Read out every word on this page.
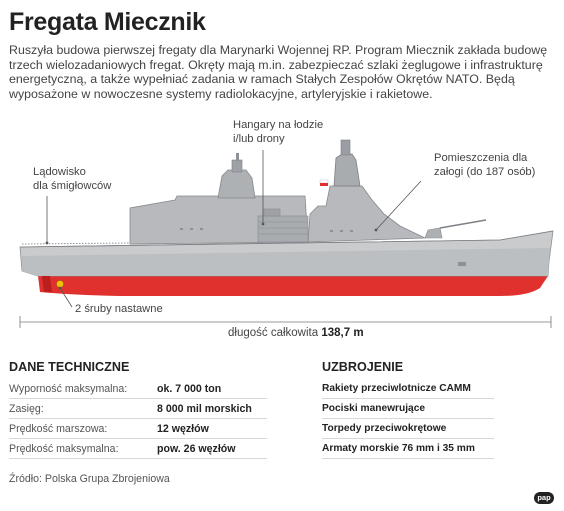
Fregata Miecznik
Ruszyła budowa pierwszej fregaty dla Marynarki Wojennej RP. Program Miecznik zakłada budowę trzech wielozadaniowych fregat. Okręty mają m.in. zabezpieczać szlaki żeglugowe i infrastrukturę energetyczną, a także wypełniać zadania w ramach Stałych Zespołów Okrętów NATO. Będą wyposażone w nowoczesne systemy radiolokacyjne, artyleryjskie i rakietowe.
Lądowisko
dla śmigłowców
Hangary na łodzie
i/lub drony
Pomieszczenia dla
załogi (do 187 osób)
2 śruby nastawne
długość całkowita 138,7 m
DANE TECHNICZNE
Wyporność maksymalna:	ok. 7 000 ton
Zasięg:	8 000 mil morskich
Prędkość marszowa:	12 węzłów
Prędkość maksymalna:	pow. 26 węzłów
UZBROJENIE
Rakiety przeciwlotnicze CAMM
Pociski manewrujące
Torpedy przeciwokrętowe
Armaty morskie 76 mm i 35 mm
Źródło: Polska Grupa Zbrojeniowa
pap
